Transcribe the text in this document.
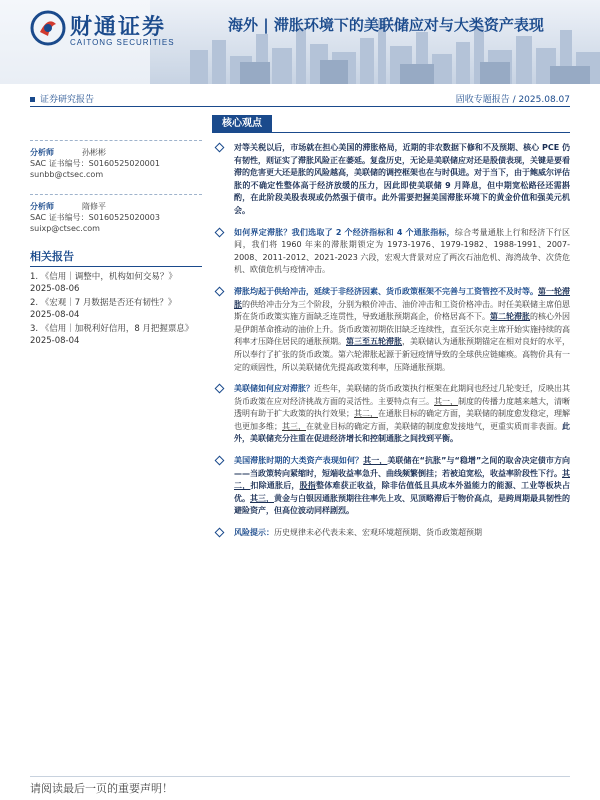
财通证券
CAITONG SECURITIES
海外 | 滞胀环境下的美联储应对与大类资产表现
证券研究报告	固收专题报告 / 2025.08.07
分析师	孙彬彬
SAC 证书编号：S0160525020001
sunbb@ctsec.com
分析师	隋修平
SAC 证书编号：S0160525020003
suixp@ctsec.com
相关报告
1. 《信用｜调整中，机构如何交易？》 2025-08-06
2. 《宏观｜7 月数据是否还有韧性？》 2025-08-04
3. 《信用｜加税利好信用，8 月把握票息》 2025-08-04
核心观点
对等关税以后，市场就在担心美国的滞胀格局，近期的非农数据下修和不及预期、核心 PCE 仍有韧性，则证实了滞胀风险正在萎延。复盘历史，无论是美联储应对还是股债表现，关键是要看滞的危害更大还是胀的风险越高，美联储的调控框架也在与时俱进。对于当下，由于鲍威尔评估胀的不确定性整体高于经济放缓的压力，因此即使美联储 9 月降息，但中期宽松路径还需斟酌，在此阶段美股表现或仍然强于债市。此外需要把握美国滞胀环境下的黄金价值和强美元机会。
如何界定滞胀？我们选取了 2 个经济指标和 4 个通胀指标，综合考量通胀上行和经济下行区间，我们将 1960 年来的滞胀期锁定为 1973-1976、1979-1982、1988-1991、2007-2008、2011-2012、2021-2023 六段，宏观大背景对应了两次石油危机、海湾战争、次贷危机、欧债危机与疫情冲击。
滞胀均起于供给冲击，延续于非经济因素、货币政策框架不完善与工资管控不及时等。第一轮滞胀的供给冲击分为三个阶段，分别为粮价冲击、油价冲击和工资价格冲击。时任美联储主席伯恩斯在货币政策实施方面缺乏连贯性，导致通胀预期高企，价格居高不下。第二轮滞胀的核心外因是伊朗革命推动的油价上升。货币政策初期依旧缺乏连续性，直至沃尔克主席开始实施持续的高利率才压降住居民的通胀预期。第三至五轮滞胀，美联储认为通胀预期锚定在相对良好的水平，所以奉行了扩张的货币政策。第六轮滞胀起源于新冠疫情导致的全球供应链瘫痪。高物价具有一定的顽固性，所以美联储优先提高政策利率，压降通胀预期。
美联储如何应对滞胀？近些年，美联储的货币政策执行框架在此期间也经过几轮变迁，反映出其货币政策在应对经济挑战方面的灵活性。主要特点有三。其一，制度的传播力度越来越大，清晰透明有助于扩大政策的执行效果；其二，在通胀目标的确定方面，美联储的制度愈发稳定，理解也更加多维；其三，在就业目标的确定方面，美联储的制度愈发接地气，更重实质而非表面。此外，美联储充分注重在促进经济增长和控制通胀之间找到平衡。
美国滞胀时期的大类资产表现如何？其一，美联储在“抗胀”与“稳增”之间的取舍决定债市方向——当政策转向紧缩时，短端收益率急升、曲线频繁倒挂；若被迫宽松，收益率阶段性下行。其二，扣除通胀后，股指整体难获正收益，除非估值低且具成本外溢能力的能源、工业等板块占优。其三，黄金与白银因通胀预期往往率先上攻、见顶略滞后于物价高点，是跨周期最具韧性的避险资产，但高位波动同样剧烈。
风险提示：历史规律未必代表未来、宏观环境超预期、货币政策超预期
请阅读最后一页的重要声明！
